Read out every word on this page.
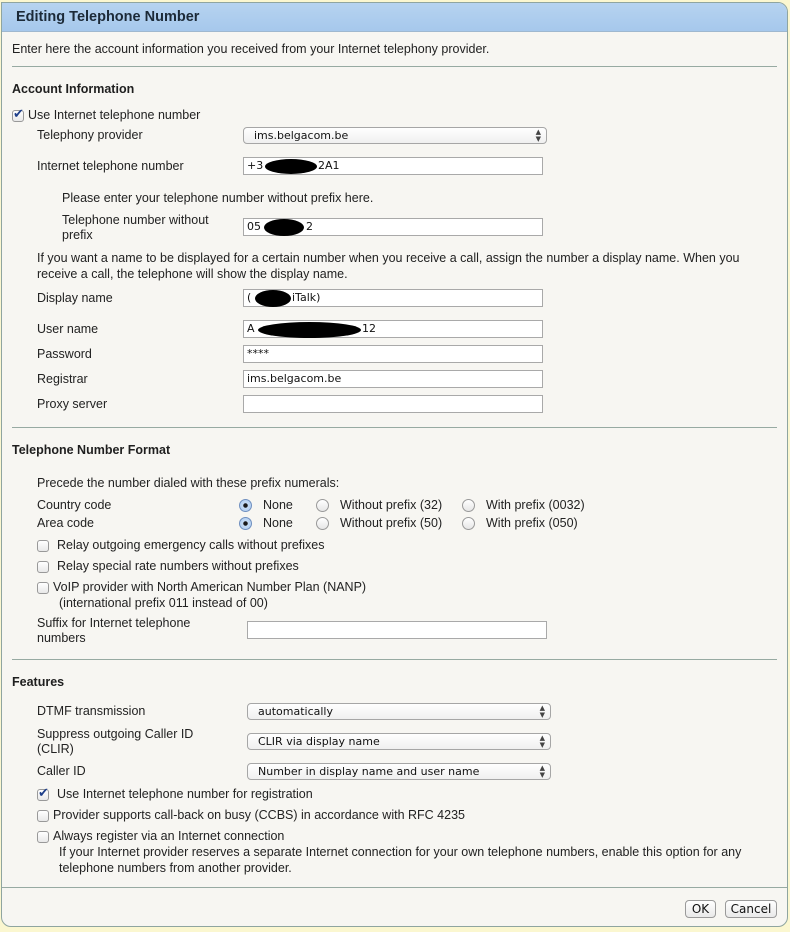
Editing Telephone Number
Enter here the account information you received from your Internet telephony provider.
Account Information
✔
Use Internet telephone number
Telephony provider	ims.belgacom.be	▲
▼
Internet telephone number	+3	2A1
Please enter your telephone number without prefix here.
Telephone number without
prefix
05	2
If you want a name to be displayed for a certain number when you receive a call, assign the number a display name. When you
receive a call, the telephone will show the display name.
Display name	(	iTalk)
User name	A	12
Password	****
Registrar	ims.belgacom.be
Proxy server
Telephone Number Format
Precede the number dialed with these prefix numerals:
Country code	None	Without prefix (32)	With prefix (0032)
Area code	None	Without prefix (50)	With prefix (050)
Relay outgoing emergency calls without prefixes
Relay special rate numbers without prefixes
VoIP provider with North American Number Plan (NANP)
(international prefix 011 instead of 00)
Suffix for Internet telephone
numbers
Features
DTMF transmission	automatically	▲
▼
Suppress outgoing Caller ID
(CLIR)
CLIR via display name	▲
▼
Caller ID	Number in display name and user name	▲
▼
✔
Use Internet telephone number for registration
Provider supports call-back on busy (CCBS) in accordance with RFC 4235
Always register via an Internet connection
If your Internet provider reserves a separate Internet connection for your own telephone numbers, enable this option for any
telephone numbers from another provider.
OK	Cancel
